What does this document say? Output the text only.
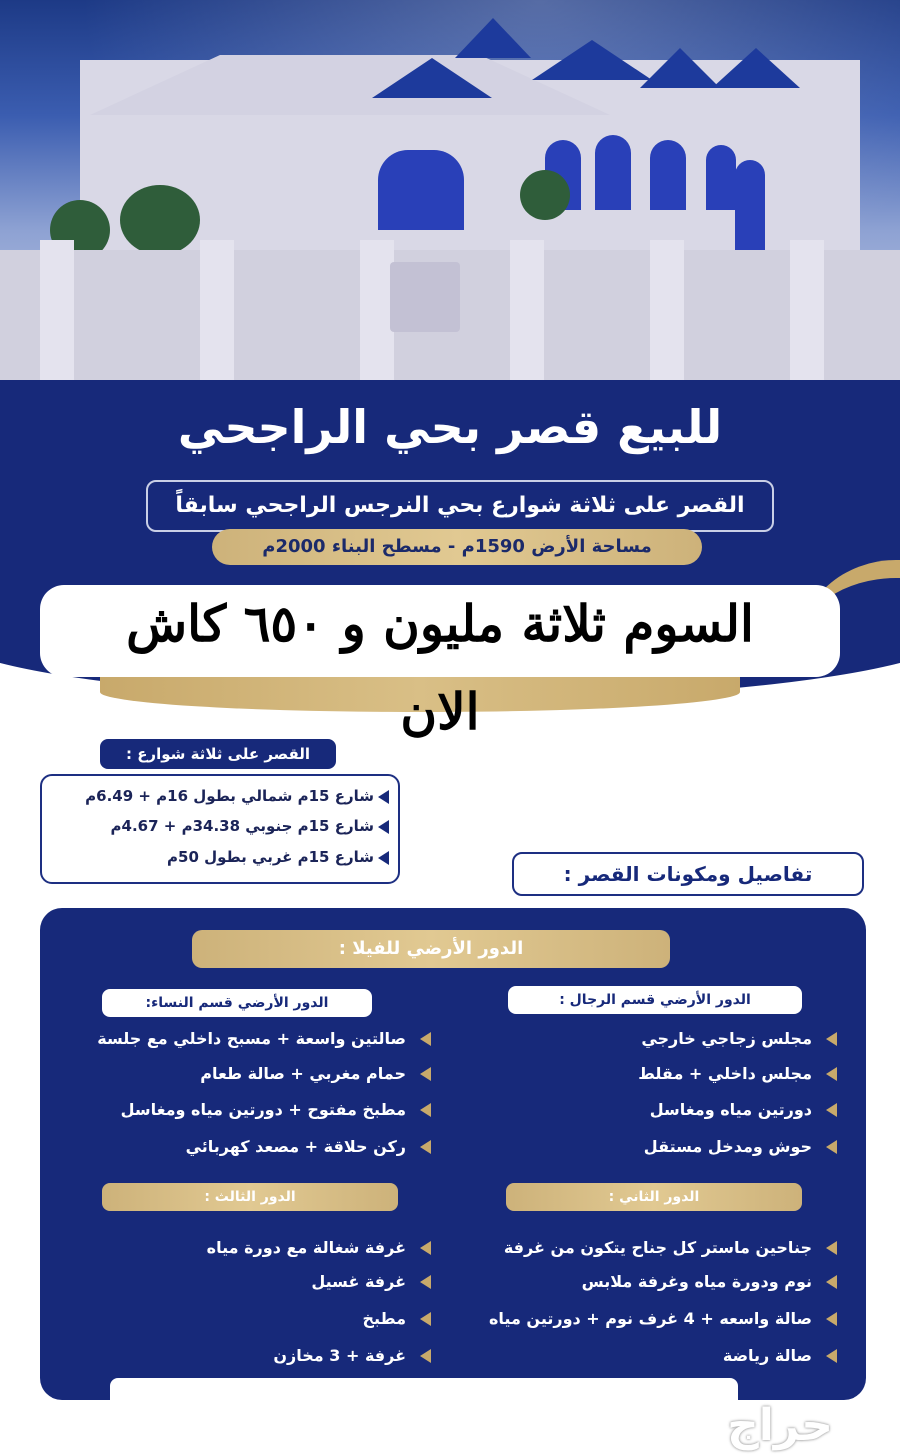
للبيع قصر بحي الراجحي
القصر على ثلاثة شوارع بحي النرجس الراجحي سابقاً
مساحة الأرض 1590م - مسطح البناء 2000م
السوم ثلاثة مليون و ٦٥٠ كاش
الان
القصر على ثلاثة شوارع :
شارع 15م شمالي بطول 16م + 6.49م
شارع 15م جنوبي 34.38م + 4.67م
شارع 15م غربي بطول 50م
تفاصيل ومكونات القصر :
الدور الأرضي للفيلا :
الدور الأرضي قسم الرجال :
الدور الأرضي قسم النساء:
مجلس زجاجي خارجي
مجلس داخلي + مقلط
دورتين مياه ومغاسل
حوش ومدخل مستقل
صالتين واسعة + مسبح داخلي مع جلسة
حمام مغربي + صالة طعام
مطبخ مفتوح + دورتين مياه ومغاسل
ركن حلاقة + مصعد كهربائي
الدور الثاني :
الدور الثالث :
جناحين ماستر كل جناح يتكون من غرفة
نوم ودورة مياه وغرفة ملابس
صالة واسعه + 4 غرف نوم + دورتين مياه
صالة رياضة
غرفة شغالة مع دورة مياه
غرفة غسيل
مطبخ
غرفة + 3 مخازن
حراج
